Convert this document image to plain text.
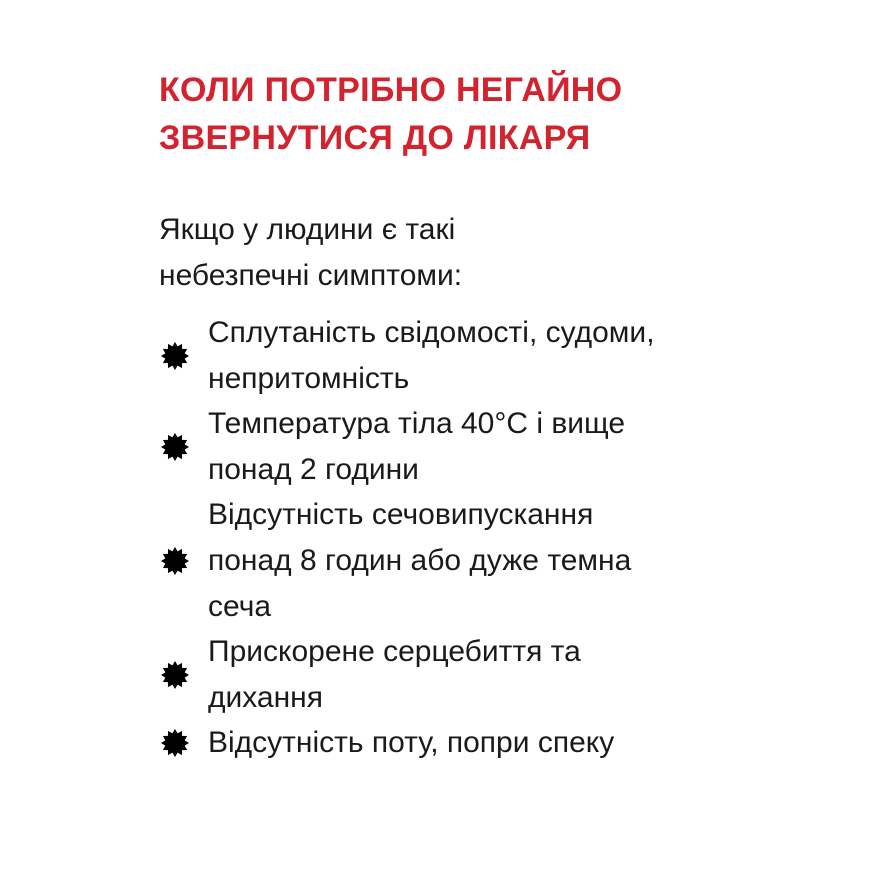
КОЛИ ПОТРІБНО НЕГАЙНО
ЗВЕРНУТИСЯ ДО ЛІКАРЯ

Якщо у людини є такі
небезпечні симптоми:

Сплутаність свідомості, судоми,
непритомність
Температура тіла 40°C і вище
понад 2 години
Відсутність сечовипускання
понад 8 годин або дуже темна
сеча
Прискорене серцебиття та
дихання
Відсутність поту, попри спеку
